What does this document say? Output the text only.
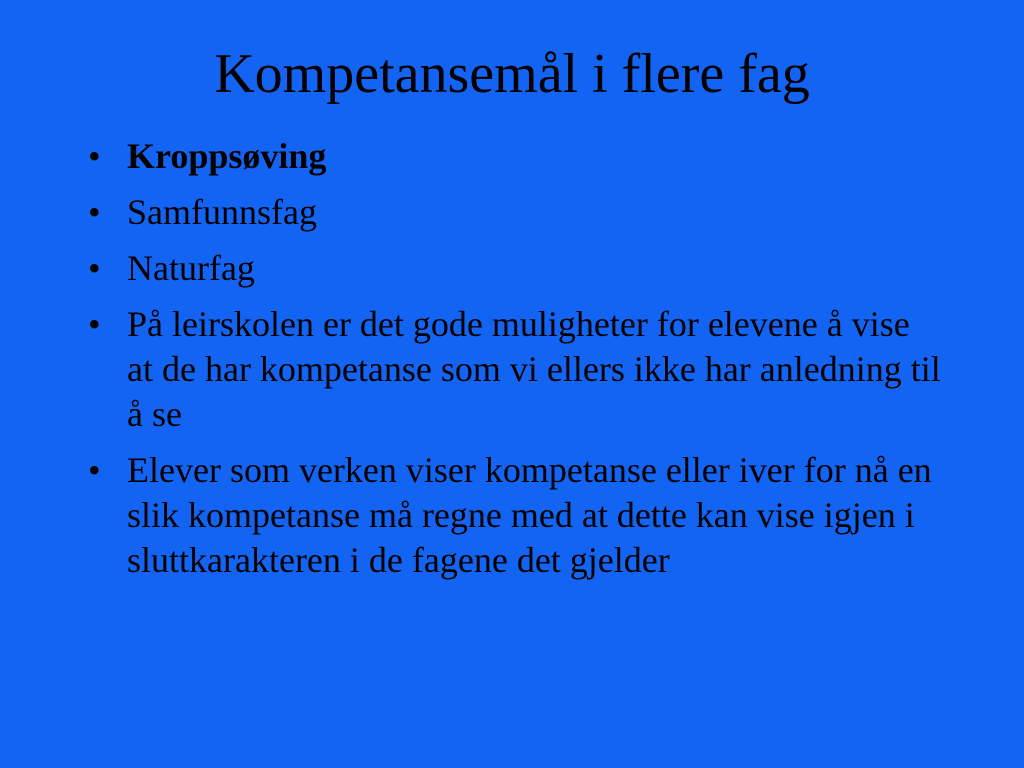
Kompetansemål i flere fag
• Kroppsøving
• Samfunnsfag
• Naturfag
• På leirskolen er det gode muligheter for elevene å vise at de har kompetanse som vi ellers ikke har anledning til å se
• Elever som verken viser kompetanse eller iver for nå en slik kompetanse må regne med at dette kan vise igjen i sluttkarakteren i de fagene det gjelder
